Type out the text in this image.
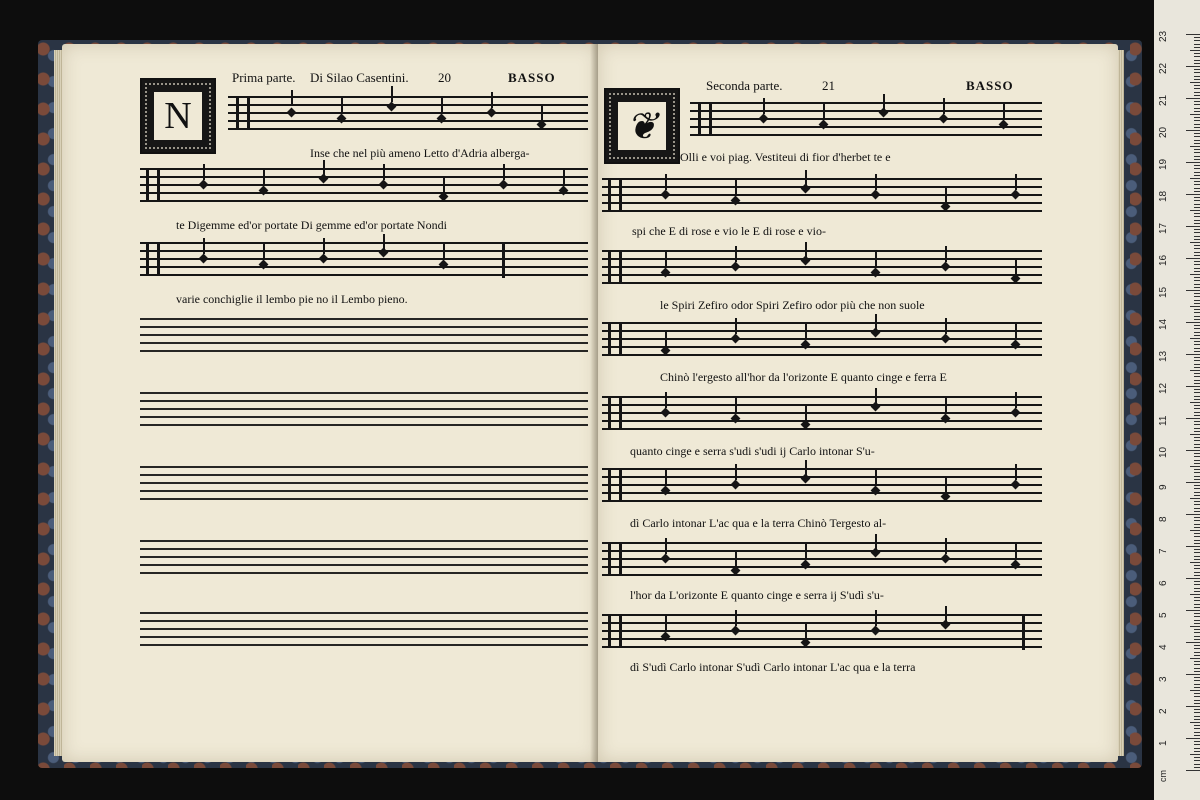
Prima parte. Di Silao Casentini. 20	BASSO
N
Inse che nel più ameno Letto d'Adria alberga-
te Digemme ed'or portate Di gemme ed'or portate Nondi
varie conchiglie il lembo pie no il Lembo pieno.
Seconda parte.	21	BASSO
❦
Olli e voi piag. Vestiteui di fior d'herbet te e
spi che E di rose e vio le E di rose e vio-
le Spiri Zefiro odor Spiri Zefiro odor più che non suole
Chinò l'ergesto all'hor da l'orizonte E quanto cinge e ferra E
quanto cinge e serra s'udi s'udi ij Carlo intonar S'u-
dì Carlo intonar L'ac qua e la terra Chinò Tergesto al-
l'hor da L'orizonte E quanto cinge e serra ij S'udì s'u-
dì S'udì Carlo intonar S'udì Carlo intonar L'ac qua e la terra
cm
1
2
3
4
5
6
7
8
9
10
11
12
13
14
15
16
17
18
19
20
21
22
23
